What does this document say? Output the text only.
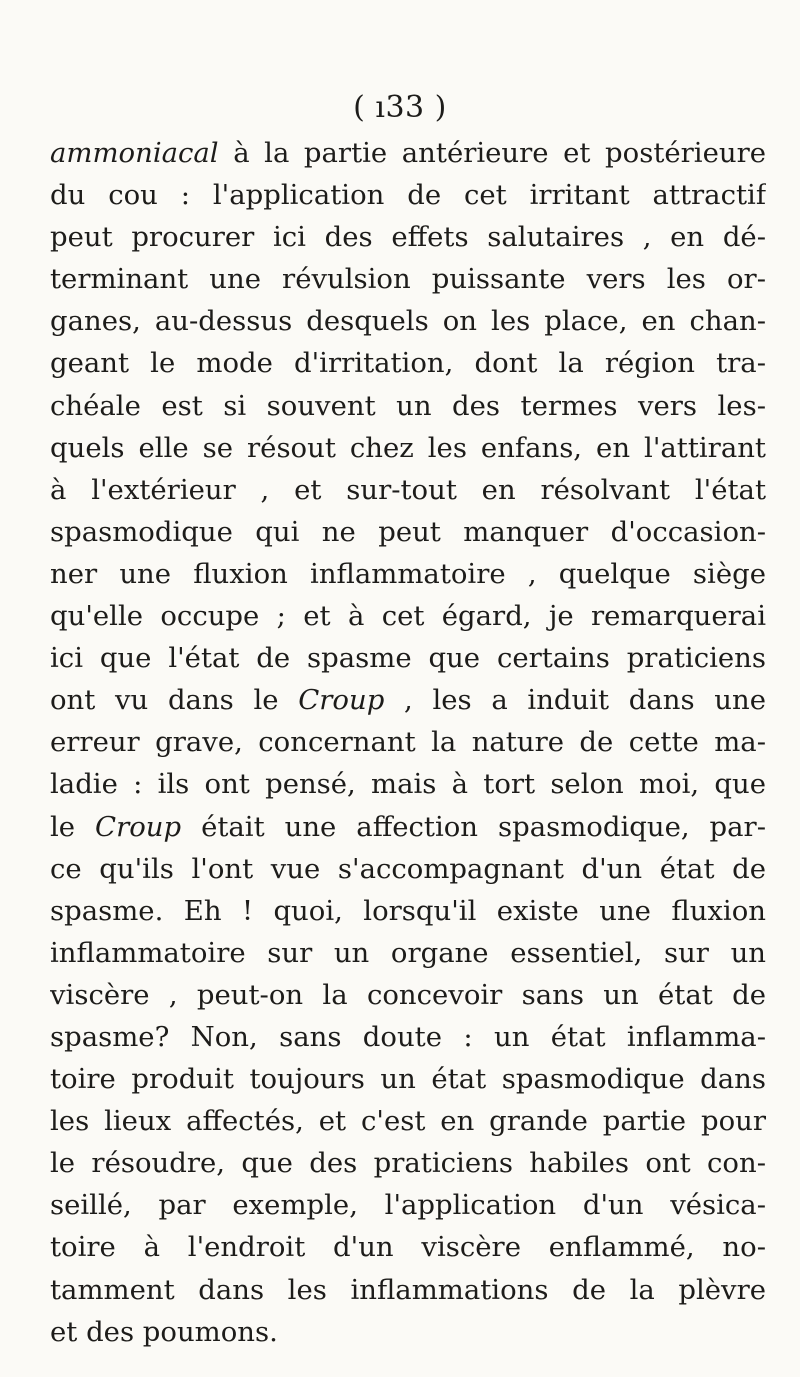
( ı33 )
ammoniacal à la partie antérieure et postérieure
du cou : l'application de cet irritant attractif
peut procurer ici des effets salutaires , en dé-
terminant une révulsion puissante vers les or-
ganes, au-dessus desquels on les place, en chan-
geant le mode d'irritation, dont la région tra-
chéale est si souvent un des termes vers les-
quels elle se résout chez les enfans, en l'attirant
à l'extérieur , et sur-tout en résolvant l'état
spasmodique qui ne peut manquer d'occasion-
ner une fluxion inflammatoire , quelque siège
qu'elle occupe ; et à cet égard, je remarquerai
ici que l'état de spasme que certains praticiens
ont vu dans le Croup , les a induit dans une
erreur grave, concernant la nature de cette ma-
ladie : ils ont pensé, mais à tort selon moi, que
le Croup était une affection spasmodique, par-
ce qu'ils l'ont vue s'accompagnant d'un état de
spasme. Eh ! quoi, lorsqu'il existe une fluxion
inflammatoire sur un organe essentiel, sur un
viscère , peut-on la concevoir sans un état de
spasme? Non, sans doute : un état inflamma-
toire produit toujours un état spasmodique dans
les lieux affectés, et c'est en grande partie pour
le résoudre, que des praticiens habiles ont con-
seillé, par exemple, l'application d'un vésica-
toire à l'endroit d'un viscère enflammé, no-
tamment dans les inflammations de la plèvre
et des poumons.
